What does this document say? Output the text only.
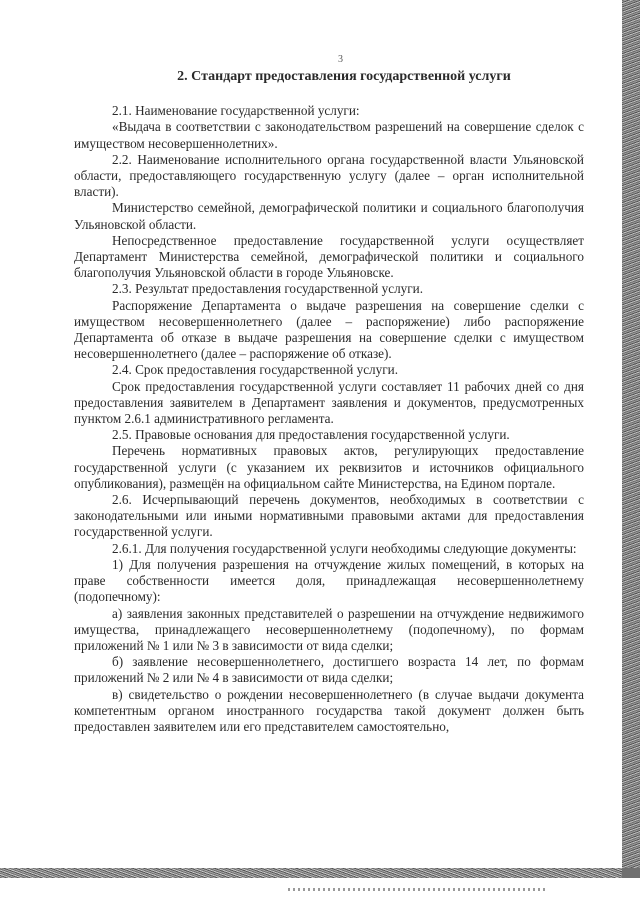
3
2. Стандарт предоставления государственной услуги

2.1. Наименование государственной услуги:

«Выдача в соответствии с законодательством разрешений на совершение сделок с имуществом несовершеннолетних».

2.2. Наименование исполнительного органа государственной власти Ульяновской области, предоставляющего государственную услугу (далее – орган исполнительной власти).

Министерство семейной, демографической политики и социального благополучия Ульяновской области.

Непосредственное предоставление государственной услуги осуществляет Департамент Министерства семейной, демографической политики и социального благополучия Ульяновской области в городе Ульяновске.

2.3. Результат предоставления государственной услуги.

Распоряжение Департамента о выдаче разрешения на совершение сделки с имуществом несовершеннолетнего (далее – распоряжение) либо распоряжение Департамента об отказе в выдаче разрешения на совершение сделки с имуществом несовершеннолетнего (далее – распоряжение об отказе).

2.4. Срок предоставления государственной услуги.

Срок предоставления государственной услуги составляет 11 рабочих дней со дня предоставления заявителем в Департамент заявления и документов, предусмотренных пунктом 2.6.1 административного регламента.

2.5. Правовые основания для предоставления государственной услуги.

Перечень нормативных правовых актов, регулирующих предоставление государственной услуги (с указанием их реквизитов и источников официального опубликования), размещён на официальном сайте Министерства, на Едином портале.

2.6. Исчерпывающий перечень документов, необходимых в соответствии с законодательными или иными нормативными правовыми актами для предоставления государственной услуги.

2.6.1. Для получения государственной услуги необходимы следующие документы:

1) Для получения разрешения на отчуждение жилых помещений, в которых на праве собственности имеется доля, принадлежащая несовершеннолетнему (подопечному):

а) заявления законных представителей о разрешении на отчуждение недвижимого имущества, принадлежащего несовершеннолетнему (подопечному), по формам приложений № 1 или № 3 в зависимости от вида сделки;

б) заявление несовершеннолетнего, достигшего возраста 14 лет, по формам приложений № 2 или № 4 в зависимости от вида сделки;

в) свидетельство о рождении несовершеннолетнего (в случае выдачи документа компетентным органом иностранного государства такой документ должен быть предоставлен заявителем или его представителем самостоятельно,
